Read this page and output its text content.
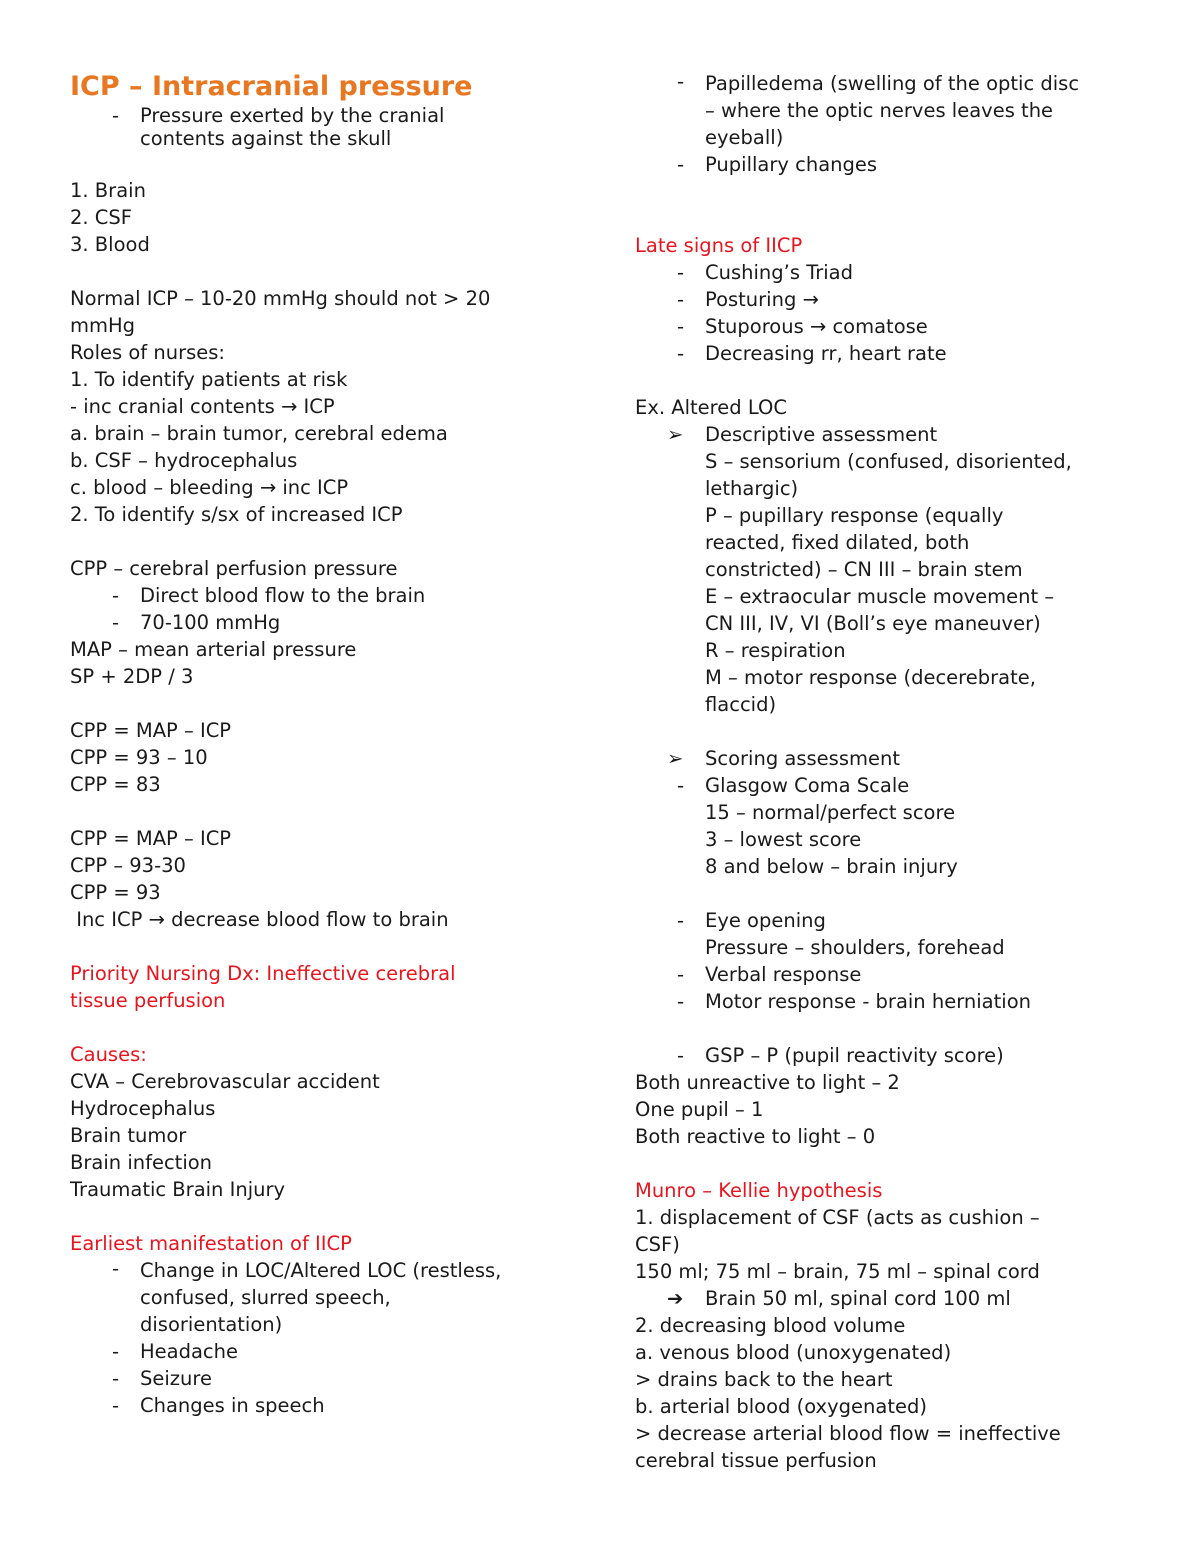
ICP – Intracranial pressure
-	Pressure exerted by the cranial
contents against the skull
1. Brain
2. CSF
3. Blood
Normal ICP – 10-20 mmHg should not > 20
mmHg
Roles of nurses:
1. To identify patients at risk
- inc cranial contents → ICP
a. brain – brain tumor, cerebral edema
b. CSF – hydrocephalus
c. blood – bleeding → inc ICP
2. To identify s/sx of increased ICP
CPP – cerebral perfusion pressure
-	Direct blood flow to the brain
-	70-100 mmHg
MAP – mean arterial pressure
SP + 2DP / 3
CPP = MAP – ICP
CPP = 93 – 10
CPP = 83
CPP = MAP – ICP
CPP – 93-30
CPP = 93
Inc ICP → decrease blood flow to brain
Priority Nursing Dx: Ineffective cerebral
tissue perfusion
Causes:
CVA – Cerebrovascular accident
Hydrocephalus
Brain tumor
Brain infection
Traumatic Brain Injury
Earliest manifestation of IICP
-	Change in LOC/Altered LOC (restless,
confused, slurred speech,
disorientation)
-	Headache
-	Seizure
-	Changes in speech
-	Papilledema (swelling of the optic disc
– where the optic nerves leaves the
eyeball)
-	Pupillary changes
Late signs of IICP
-	Cushing’s Triad
-	Posturing →
-	Stuporous → comatose
-	Decreasing rr, heart rate
Ex. Altered LOC
➢	Descriptive assessment
S – sensorium (confused, disoriented,
lethargic)
P – pupillary response (equally
reacted, fixed dilated, both
constricted) – CN III – brain stem
E – extraocular muscle movement –
CN III, IV, VI (Boll’s eye maneuver)
R – respiration
M – motor response (decerebrate,
flaccid)
➢	Scoring assessment
-	Glasgow Coma Scale
15 – normal/perfect score
3 – lowest score
8 and below – brain injury
-	Eye opening
Pressure – shoulders, forehead
-	Verbal response
-	Motor response - brain herniation
-	GSP – P (pupil reactivity score)
Both unreactive to light – 2
One pupil – 1
Both reactive to light – 0
Munro – Kellie hypothesis
1. displacement of CSF (acts as cushion –
CSF)
150 ml; 75 ml – brain, 75 ml – spinal cord
➔	Brain 50 ml, spinal cord 100 ml
2. decreasing blood volume
a. venous blood (unoxygenated)
> drains back to the heart
b. arterial blood (oxygenated)
> decrease arterial blood flow = ineffective
cerebral tissue perfusion
